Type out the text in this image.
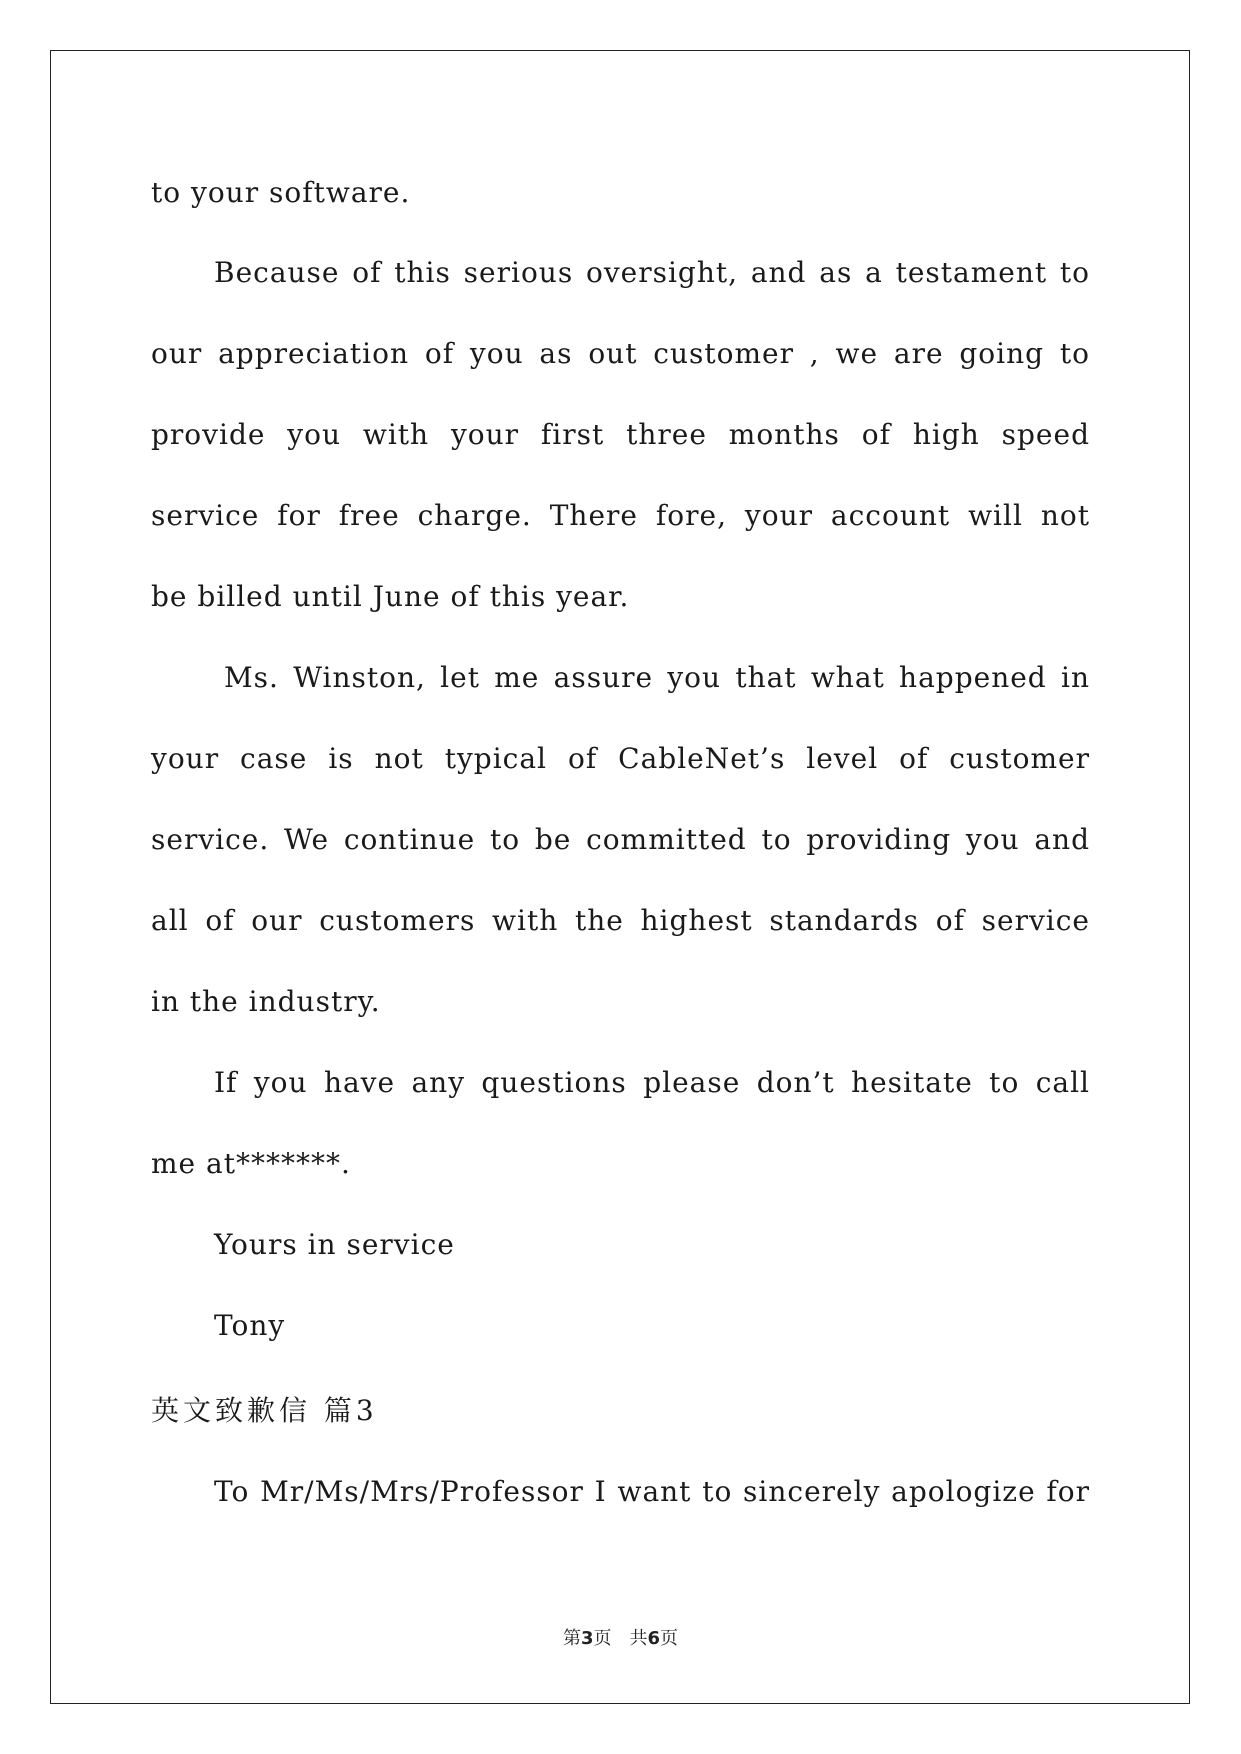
to your software.
Because of this serious oversight, and as a testament to
our appreciation of you as out customer , we are going to
provide you with your first three months of high speed
service for free charge. There fore, your account will not
be billed until June of this year.
Ms. Winston, let me assure you that what happened in
your case is not typical of CableNet’s level of customer
service. We continue to be committed to providing you and
all of our customers with the highest standards of service
in the industry.
If you have any questions please don’t hesitate to call
me at*******.
Yours in service
Tony
英文致歉信 篇3
To Mr/Ms/Mrs/Professor I want to sincerely apologize for
第3页 共6页
